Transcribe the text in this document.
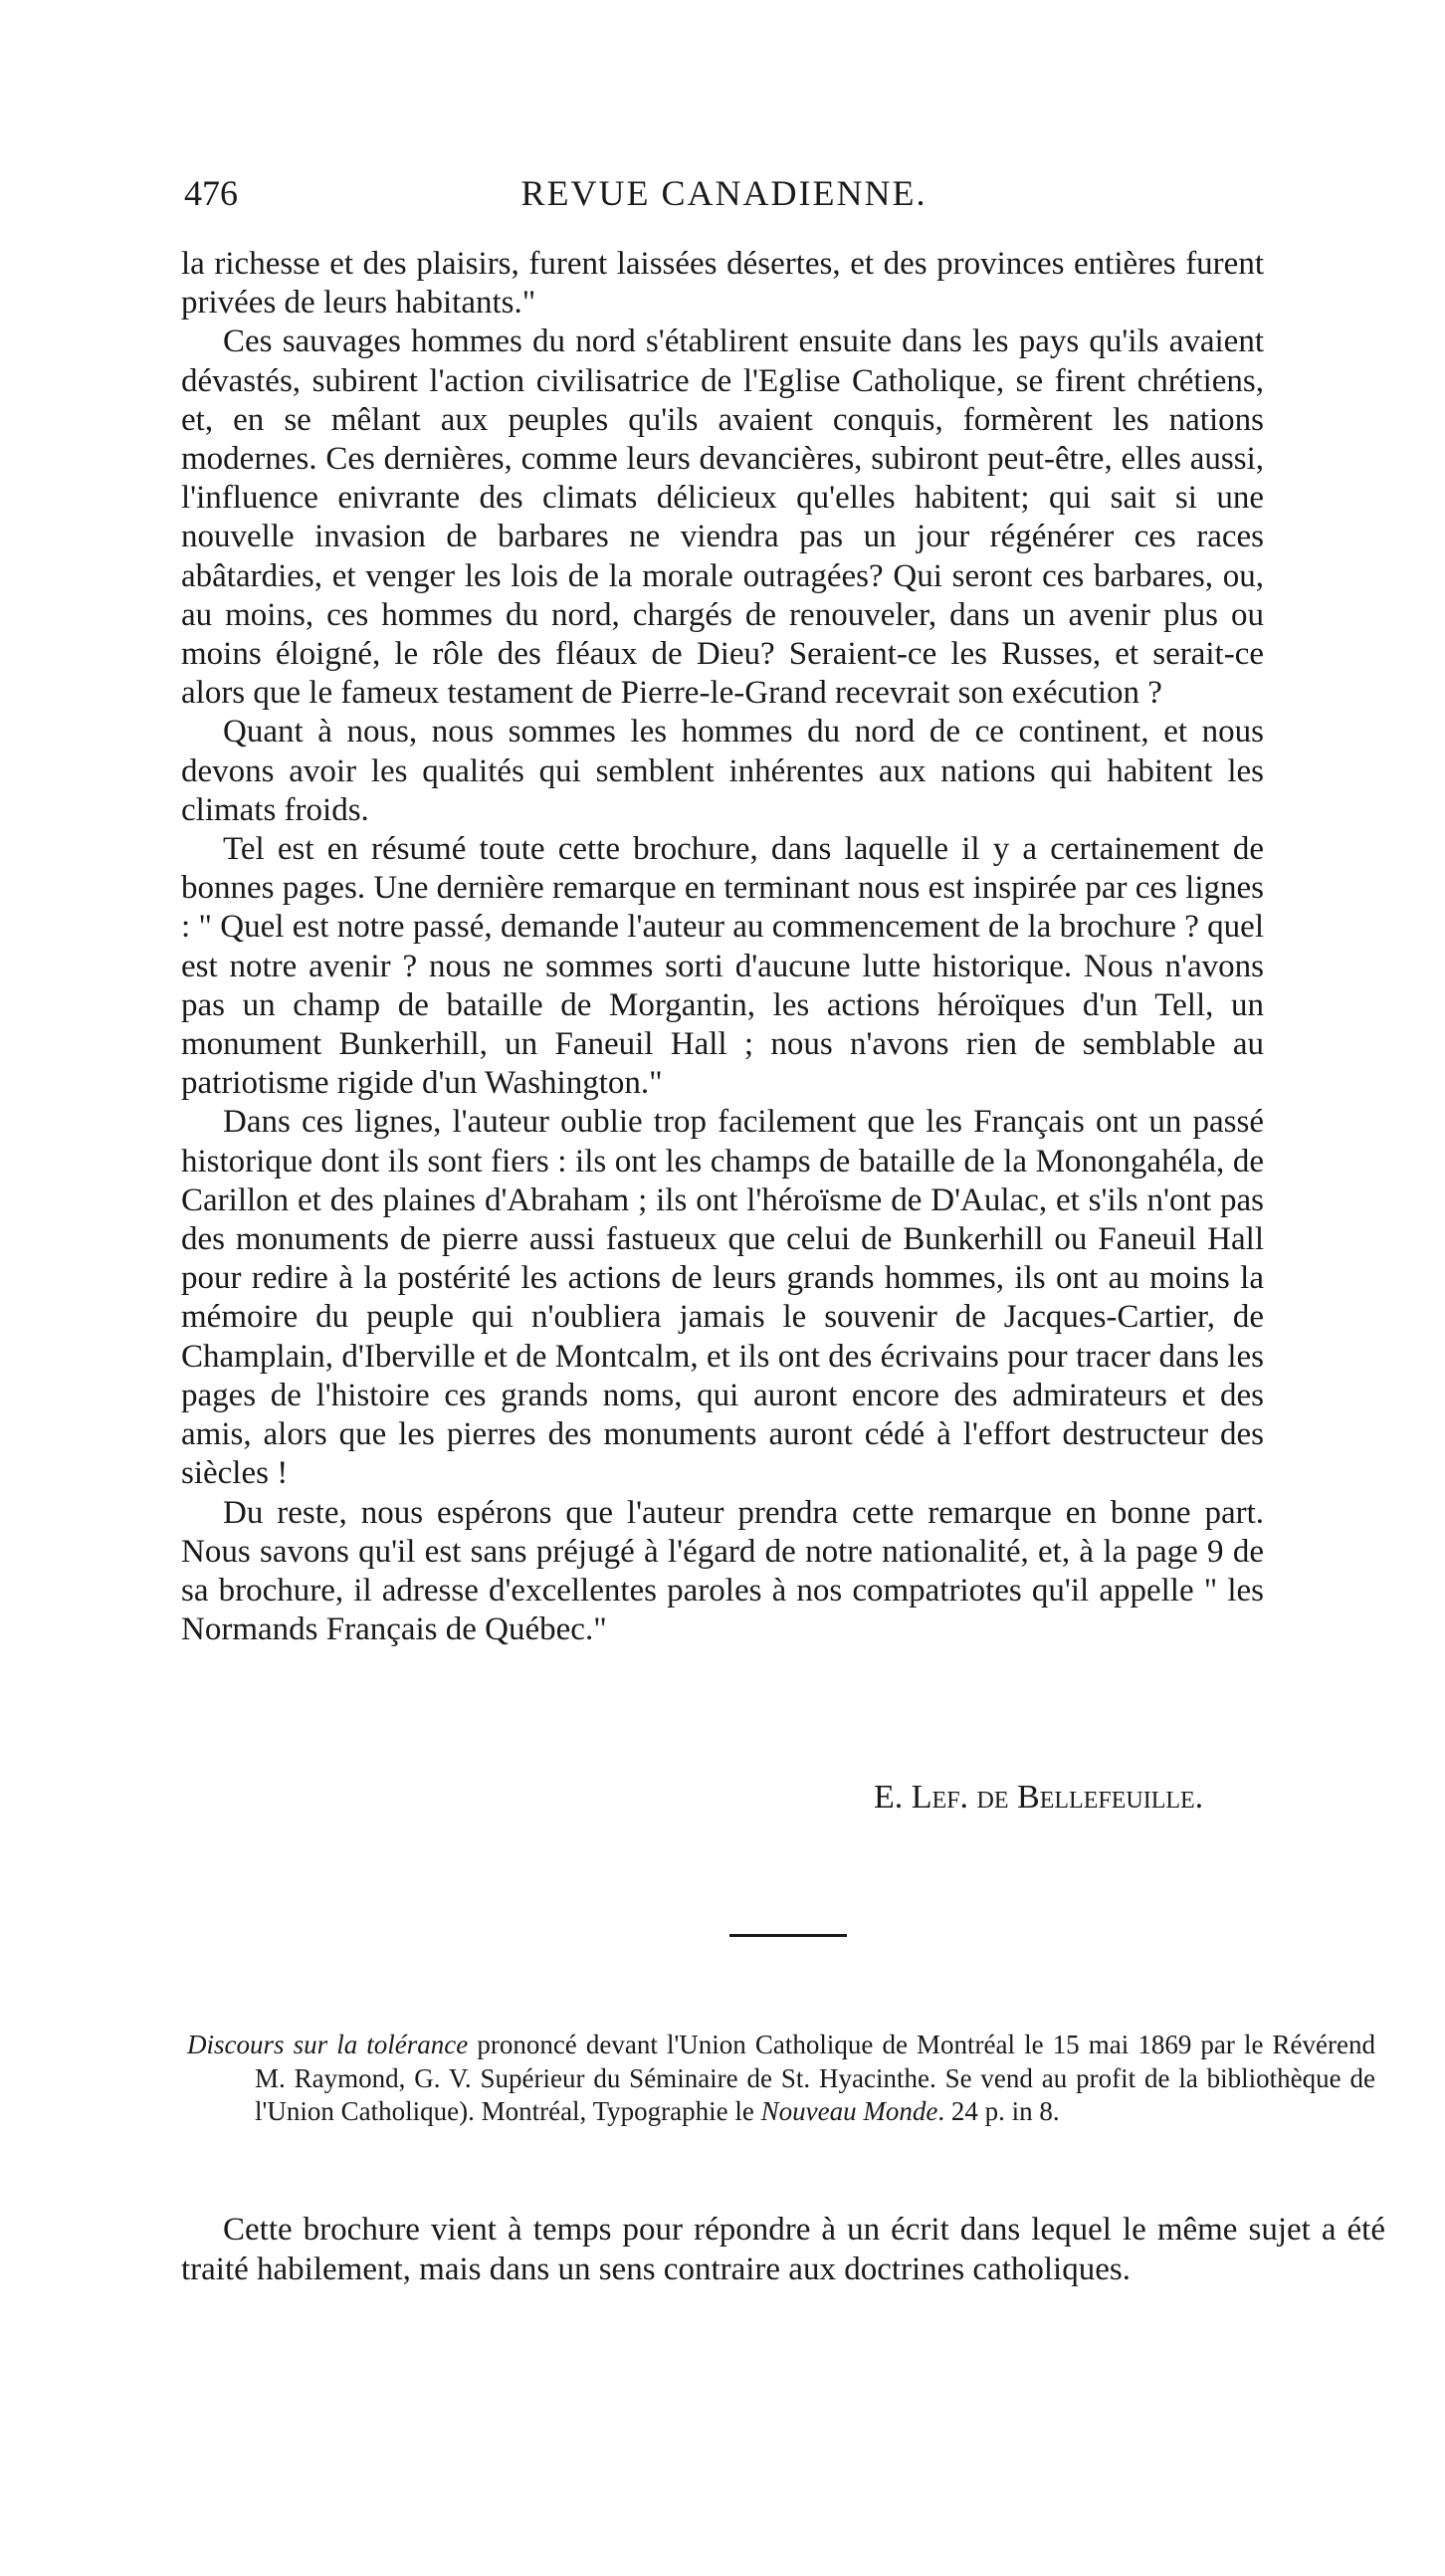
476	REVUE CANADIENNE.

la richesse et des plaisirs, furent laissées désertes, et des provinces entières furent privées de leurs habitants."

Ces sauvages hommes du nord s'établirent ensuite dans les pays qu'ils avaient dévastés, subirent l'action civilisatrice de l'Eglise Catholique, se firent chrétiens, et, en se mêlant aux peuples qu'ils avaient conquis, formèrent les nations modernes. Ces dernières, comme leurs devancières, subiront peut-être, elles aussi, l'influence enivrante des climats délicieux qu'elles habitent; qui sait si une nouvelle invasion de barbares ne viendra pas un jour régénérer ces races abâtardies, et venger les lois de la morale outragées? Qui seront ces barbares, ou, au moins, ces hommes du nord, chargés de renouveler, dans un avenir plus ou moins éloigné, le rôle des fléaux de Dieu? Seraient-ce les Russes, et serait-ce alors que le fameux testament de Pierre-le-Grand recevrait son exécution ?

Quant à nous, nous sommes les hommes du nord de ce continent, et nous devons avoir les qualités qui semblent inhérentes aux nations qui habitent les climats froids.

Tel est en résumé toute cette brochure, dans laquelle il y a certainement de bonnes pages. Une dernière remarque en terminant nous est inspirée par ces lignes : " Quel est notre passé, demande l'auteur au commencement de la brochure ? quel est notre avenir ? nous ne sommes sorti d'aucune lutte historique. Nous n'avons pas un champ de bataille de Morgantin, les actions héroïques d'un Tell, un monument Bunkerhill, un Faneuil Hall ; nous n'avons rien de semblable au patriotisme rigide d'un Washington."

Dans ces lignes, l'auteur oublie trop facilement que les Français ont un passé historique dont ils sont fiers : ils ont les champs de bataille de la Monongahéla, de Carillon et des plaines d'Abraham ; ils ont l'héroïsme de D'Aulac, et s'ils n'ont pas des monuments de pierre aussi fastueux que celui de Bunkerhill ou Faneuil Hall pour redire à la postérité les actions de leurs grands hommes, ils ont au moins la mémoire du peuple qui n'oubliera jamais le souvenir de Jacques-Cartier, de Champlain, d'Iberville et de Montcalm, et ils ont des écrivains pour tracer dans les pages de l'histoire ces grands noms, qui auront encore des admirateurs et des amis, alors que les pierres des monuments auront cédé à l'effort destructeur des siècles !

Du reste, nous espérons que l'auteur prendra cette remarque en bonne part. Nous savons qu'il est sans préjugé à l'égard de notre nationalité, et, à la page 9 de sa brochure, il adresse d'excellentes paroles à nos compatriotes qu'il appelle " les Normands Français de Québec."

E. Lef. de Bellefeuille.
Discours sur la tolérance prononcé devant l'Union Catholique de Montréal le 15 mai 1869 par le Révérend M. Raymond, G. V. Supérieur du Séminaire de St. Hyacinthe. Se vend au profit de la bibliothèque de l'Union Catholique). Montréal, Typographie le Nouveau Monde. 24 p. in 8.

Cette brochure vient à temps pour répondre à un écrit dans lequel le même sujet a été traité habilement, mais dans un sens contraire aux doctrines catholiques.
